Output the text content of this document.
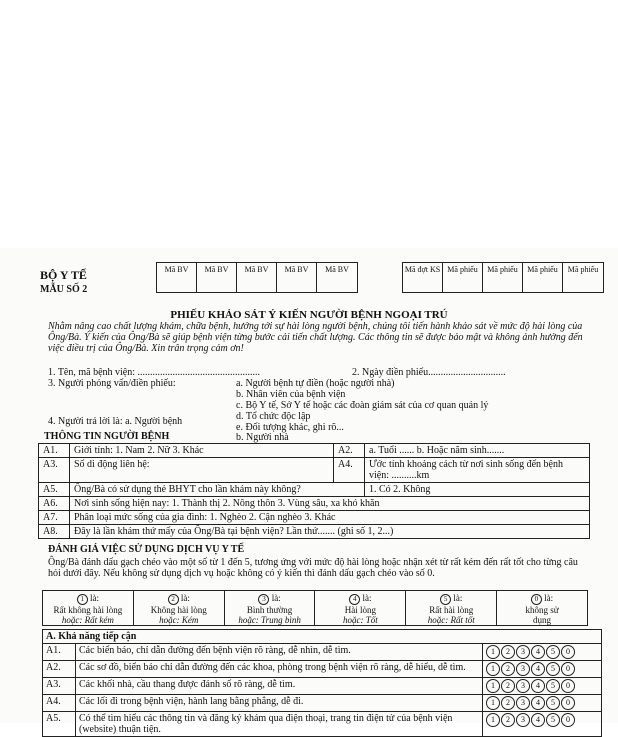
BỘ Y TẾ
MẪU SỐ 2
Mã BV	Mã BV	Mã BV	Mã BV	Mã BV	Mã đợt KS Mã phiếu	Mã phiếu	Mã phiếu	Mã phiếu
PHIẾU KHẢO SÁT Ý KIẾN NGƯỜI BỆNH NGOẠI TRÚ
Nhằm nâng cao chất lượng khám, chữa bệnh, hướng tới sự hài lòng người bệnh, chúng tôi tiến hành khảo sát về mức độ hài lòng của Ông/Bà. Ý kiến của Ông/Bà sẽ giúp bệnh viện từng bước cải tiến chất lượng. Các thông tin sẽ được bảo mật và không ảnh hưởng đến việc điều trị của Ông/Bà. Xin trân trọng cảm ơn!
1. Tên, mã bệnh viện: .................................................	2. Ngày điền phiếu...............................
3. Người phỏng vấn/điền phiếu:	a. Người bệnh tự điền (hoặc người nhà)
b. Nhân viên của bệnh viện
c. Bộ Y tế, Sở Y tế hoặc các đoàn giám sát của cơ quan quản lý
d. Tổ chức độc lập
e. Đối tượng khác, ghi rõ...
4. Người trả lời là: a. Người bệnh
b. Người nhà
THÔNG TIN NGƯỜI BỆNH
A1.	Giới tính: 1. Nam 2. Nữ 3. Khác	A2.	a. Tuổi ...... b. Hoặc năm sinh.......
A3.	Số di động liên hệ:	A4.	Ước tính khoảng cách từ nơi sinh sống đến bệnh viện: ..........km
A5.	Ông/Bà có sử dụng thẻ BHYT cho lần khám này không?		1. Có 2. Không
A6.	Nơi sinh sống hiện nay: 1. Thành thị 2. Nông thôn 3. Vùng sâu, xa khó khăn		
A7.	Phân loại mức sống của gia đình: 1. Nghèo 2. Cận nghèo 3. Khác		
A8.	Đây là lần khám thứ mấy của Ông/Bà tại bệnh viện? Lần thứ....... (ghi số 1, 2...)		
ĐÁNH GIÁ VIỆC SỬ DỤNG DỊCH VỤ Y TẾ
Ông/Bà đánh dấu gạch chéo vào một số từ 1 đến 5, tương ứng với mức độ hài lòng hoặc nhận xét từ rất kém đến rất tốt cho từng câu hỏi dưới đây. Nếu không sử dụng dịch vụ hoặc không có ý kiến thì đánh dấu gạch chéo vào số 0.
1 là:
Rất không hài lòng
hoặc: Rất kém
2 là:
Không hài lòng
hoặc: Kém
3 là:
Bình thường
hoặc: Trung bình
4 là:
Hài lòng
hoặc: Tốt
5 là:
Rất hài lòng
hoặc: Rất tốt
0 là:
không sử
dụng
A. Khả năng tiếp cận		
A1.	Các biển báo, chỉ dẫn đường đến bệnh viện rõ ràng, dễ nhìn, dễ tìm.	1 2 3 4 5 0
A2.	Các sơ đồ, biển báo chỉ dẫn đường đến các khoa, phòng trong bệnh viện rõ ràng, dễ hiểu, dễ tìm.	1 2 3 4 5 0
A3.	Các khối nhà, cầu thang được đánh số rõ ràng, dễ tìm.	1 2 3 4 5 0
A4.	Các lối đi trong bệnh viện, hành lang bằng phẳng, dễ đi.	1 2 3 4 5 0
A5.	Có thể tìm hiểu các thông tin và đăng ký khám qua điện thoại, trang tin điện tử của bệnh viện (website) thuận tiện.	1 2 3 4 5 0
